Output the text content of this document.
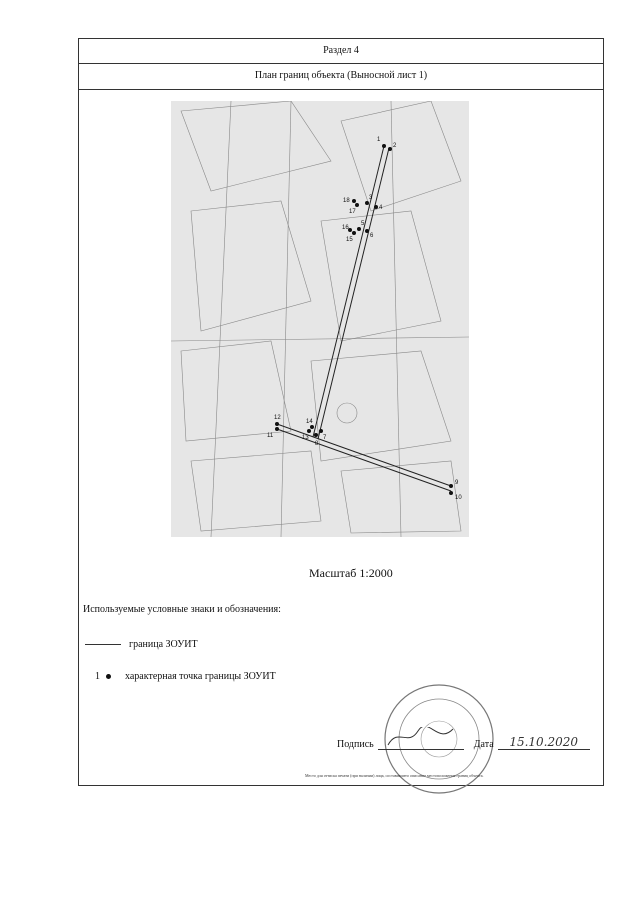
Раздел 4
План границ объекта (Выносной лист 1)
1
2
3
4
5
6
7
8
9
10
11
12
13
14
15
16
17
18
Масштаб 1:2000
Используемые условные знаки и обозначения:
граница ЗОУИТ
1	характерная точка границы ЗОУИТ
Подпись	Дата	15.10.2020
Место для оттиска печати (при наличии) лица, составившего описание местоположения границ объекта.
